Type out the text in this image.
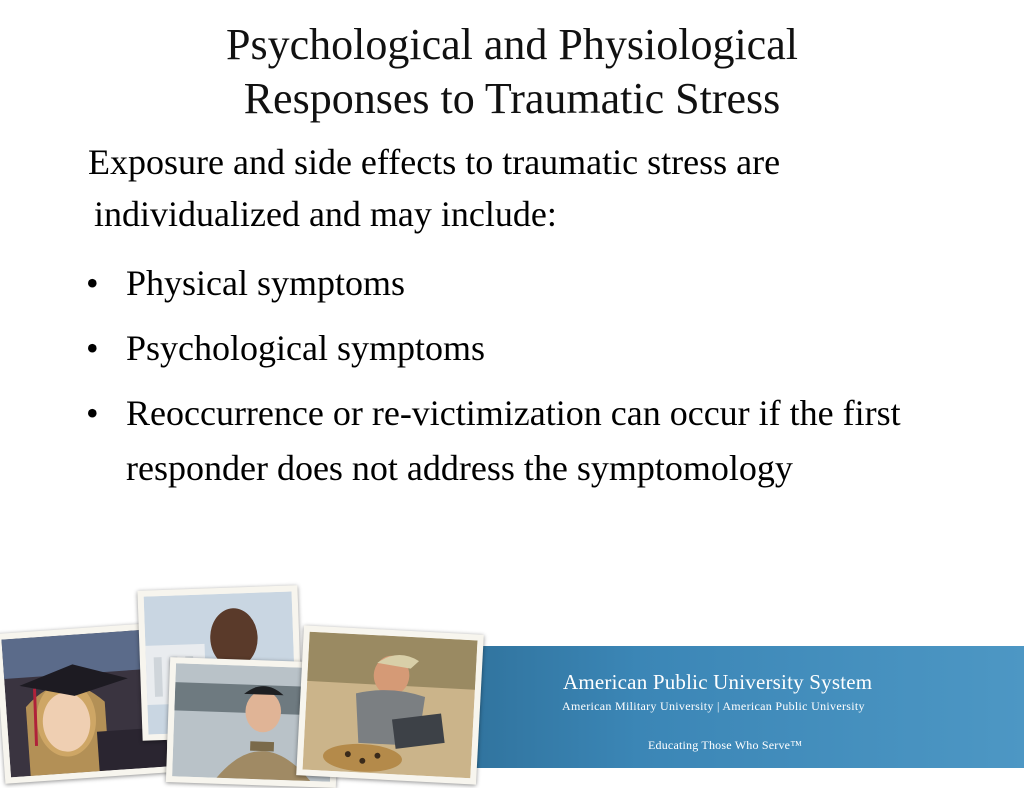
Psychological and Physiological
Responses to Traumatic Stress
Exposure and side effects to traumatic stress are
individualized and may include:
• Physical symptoms
• Psychological symptoms
• Reoccurrence or re-victimization can occur if the first responder does not address the symptomology
American Public University System
American Military University | American Public University
Educating Those Who Serve™
